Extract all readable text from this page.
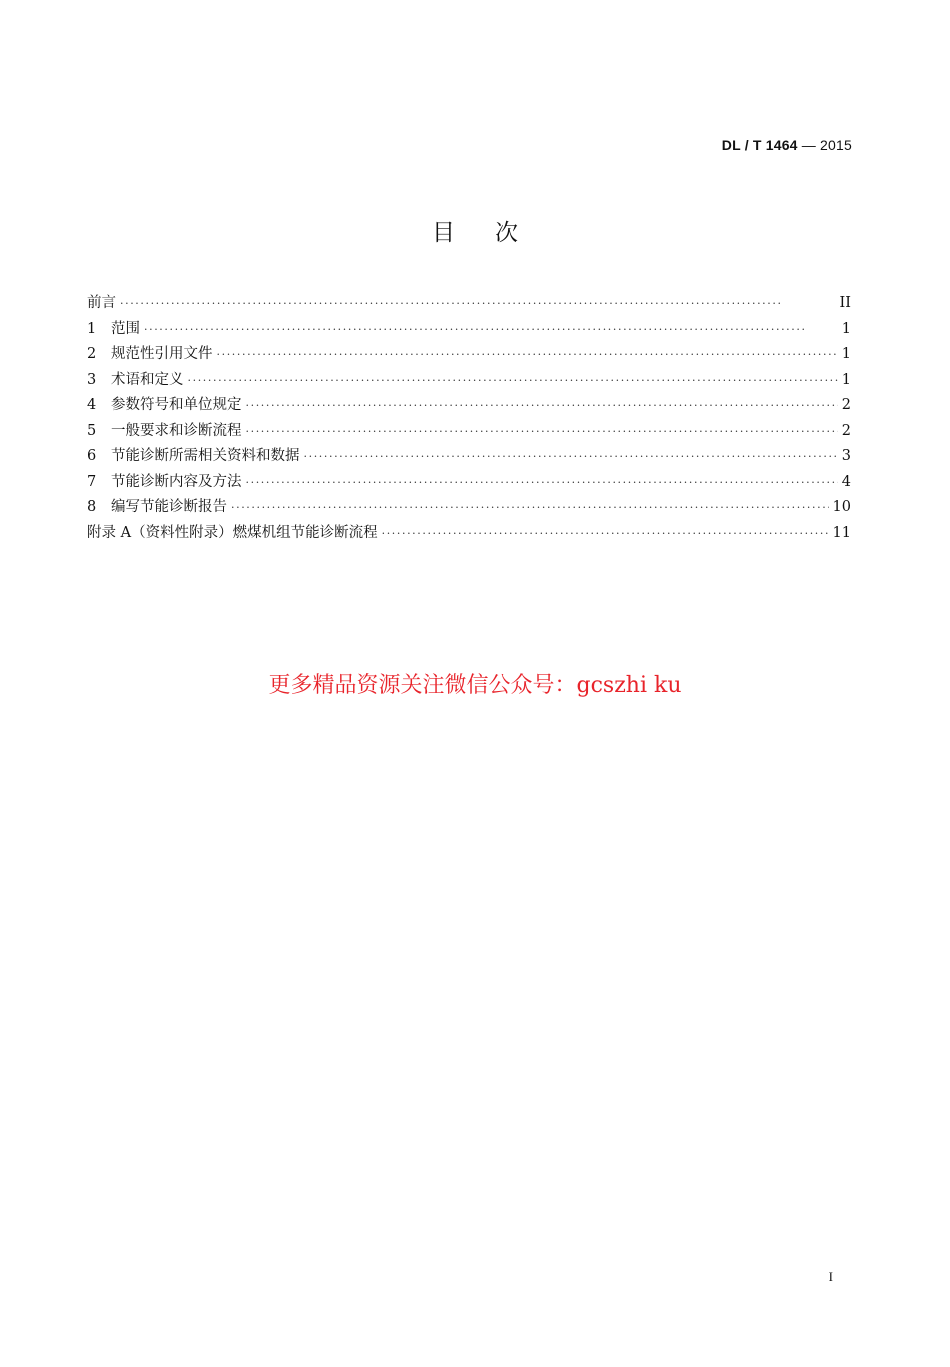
DL / T 1464 — 2015
目次
前言 ·····	II
1	范围 ·····	1
2	规范性引用文件 ·····	1
3	术语和定义 ·····	1
4	参数符号和单位规定 ·····	2
5	一般要求和诊断流程 ·····	2
6	节能诊断所需相关资料和数据 ·····	3
7	节能诊断内容及方法 ·····	4
8	编写节能诊断报告 ·····	10
附录 A（资料性附录）燃煤机组节能诊断流程 ·····	11
更多精品资源关注微信公众号：gcszhi ku
I
